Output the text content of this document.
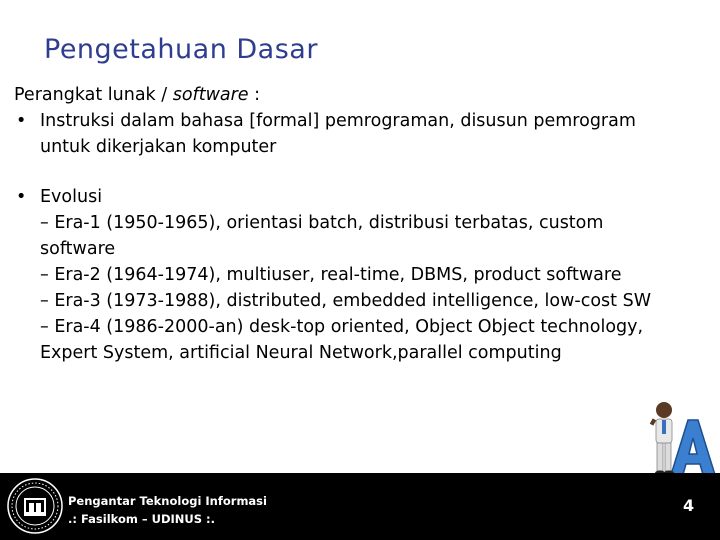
Pengetahuan Dasar

Perangkat lunak / software :

• Instruksi dalam bahasa [formal] pemrograman, disusun pemrogram

untuk dikerjakan komputer

• Evolusi

– Era-1 (1950-1965), orientasi batch, distribusi terbatas, custom

software

– Era-2 (1964-1974), multiuser, real-time, DBMS, product software

– Era-3 (1973-1988), distributed, embedded intelligence, low-cost SW

– Era-4 (1986-2000-an) desk-top oriented, Object Object technology,

Expert System, artificial Neural Network,parallel computing

Pengantar Teknologi Informasi
.: Fasilkom – UDINUS :.
4
